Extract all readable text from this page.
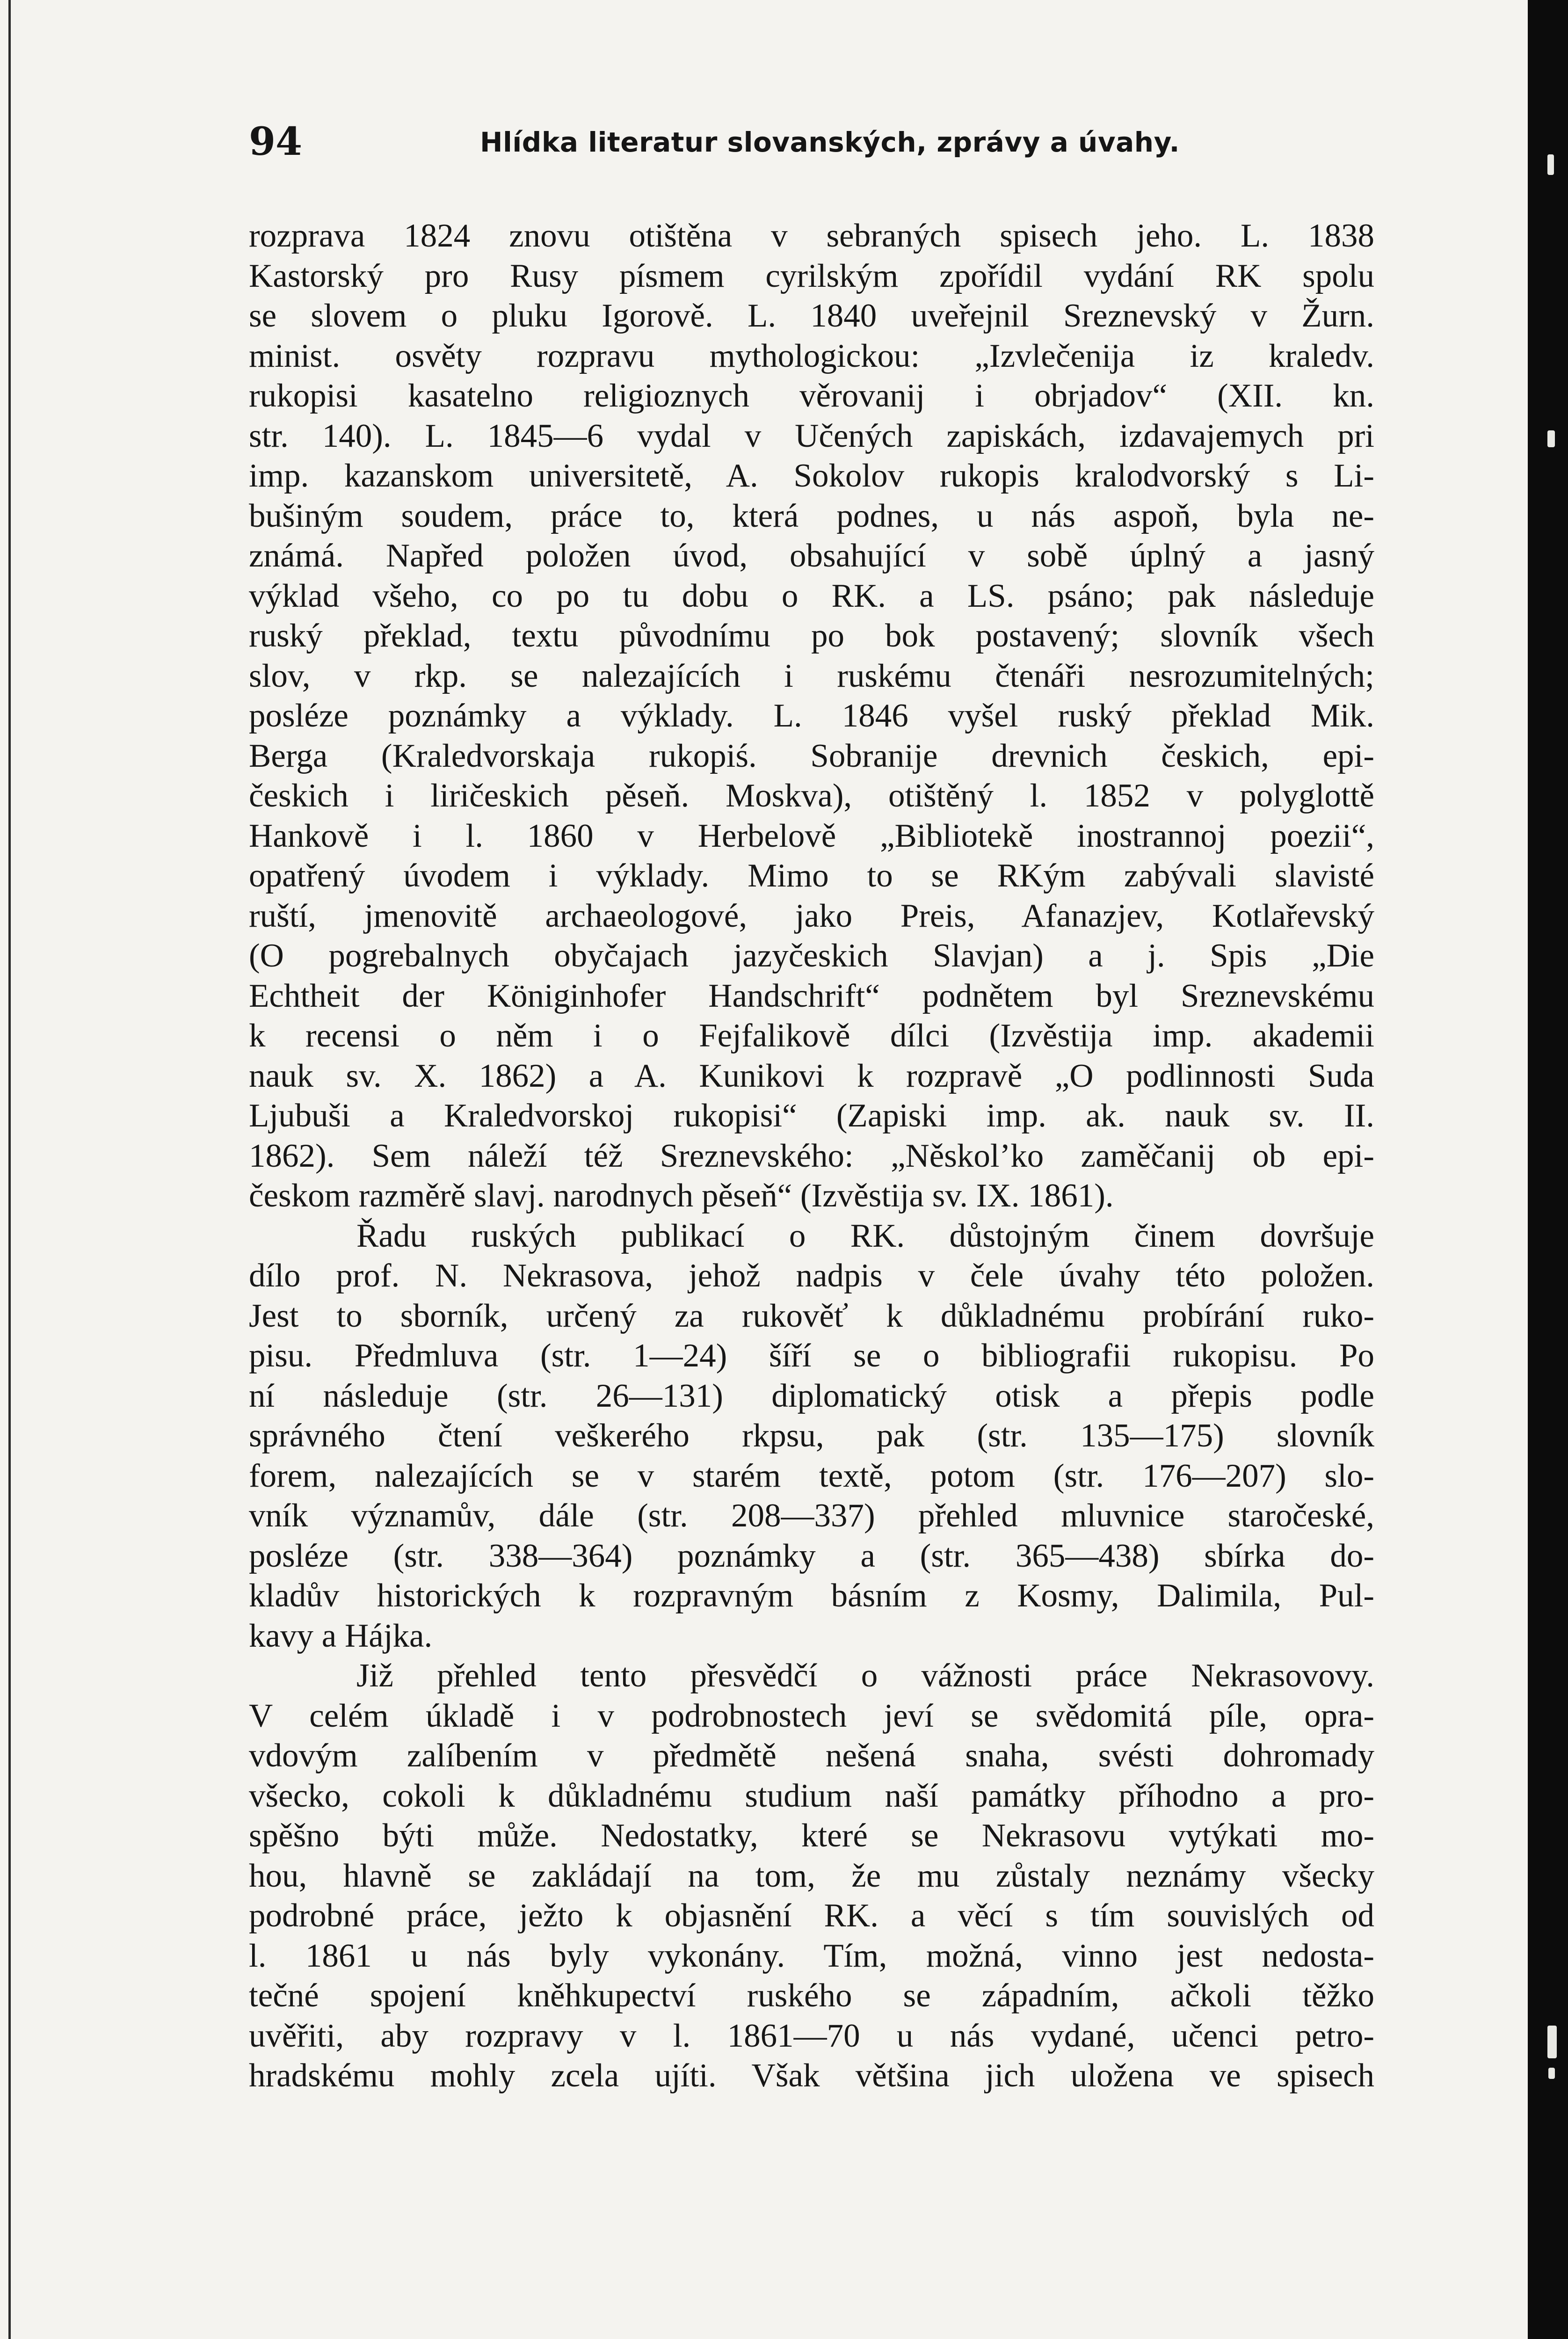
94	Hlídka literatur slovanských, zprávy a úvahy.
rozprava 1824 znovu otištěna v sebraných spisech jeho. L. 1838
Kastorský pro Rusy písmem cyrilským zpořídil vydání RK spolu
se slovem o pluku Igorově. L. 1840 uveřejnil Sreznevský v Žurn.
minist. osvěty rozpravu mythologickou: „Izvlečenija iz kraledv.
rukopisi kasatelno religioznych věrovanij i obrjadov“ (XII. kn.
str. 140). L. 1845—6 vydal v Učených zapiskách, izdavajemych pri
imp. kazanskom universitetě, A. Sokolov rukopis kralodvorský s Li-
bušiným soudem, práce to, která podnes, u nás aspoň, byla ne-
známá. Napřed položen úvod, obsahující v sobě úplný a jasný
výklad všeho, co po tu dobu o RK. a LS. psáno; pak následuje
ruský překlad, textu původnímu po bok postavený; slovník všech
slov, v rkp. se nalezajících i ruskému čtenáři nesrozumitelných;
posléze poznámky a výklady. L. 1846 vyšel ruský překlad Mik.
Berga (Kraledvorskaja rukopiś. Sobranije drevnich českich, epi-
českich i liričeskich pěseň. Moskva), otištěný l. 1852 v polyglottě
Hankově i l. 1860 v Herbelově „Bibliotekě inostrannoj poezii“,
opatřený úvodem i výklady. Mimo to se RKým zabývali slavisté
ruští, jmenovitě archaeologové, jako Preis, Afanazjev, Kotlařevský
(O pogrebalnych obyčajach jazyčeskich Slavjan) a j. Spis „Die
Echtheit der Königinhofer Handschrift“ podnětem byl Sreznevskému
k recensi o něm i o Fejfalikově dílci (Izvěstija imp. akademii
nauk sv. X. 1862) a A. Kunikovi k rozpravě „O podlinnosti Suda
Ljubuši a Kraledvorskoj rukopisi“ (Zapiski imp. ak. nauk sv. II.
1862). Sem náleží též Sreznevského: „Něskol’ko zaměčanij ob epi-
českom razměrě slavj. narodnych pěseň“ (Izvěstija sv. IX. 1861).
Řadu ruských publikací o RK. důstojným činem dovršuje
dílo prof. N. Nekrasova, jehož nadpis v čele úvahy této položen.
Jest to sborník, určený za rukověť k důkladnému probírání ruko-
pisu. Předmluva (str. 1—24) šíří se o bibliografii rukopisu. Po
ní následuje (str. 26—131) diplomatický otisk a přepis podle
správného čtení veškerého rkpsu, pak (str. 135—175) slovník
forem, nalezajících se v starém textě, potom (str. 176—207) slo-
vník významův, dále (str. 208—337) přehled mluvnice staročeské,
posléze (str. 338—364) poznámky a (str. 365—438) sbírka do-
kladův historických k rozpravným básním z Kosmy, Dalimila, Pul-
kavy a Hájka.
Již přehled tento přesvědčí o vážnosti práce Nekrasovovy.
V celém úkladě i v podrobnostech jeví se svědomitá píle, opra-
vdovým zalíbením v předmětě nešená snaha, svésti dohromady
všecko, cokoli k důkladnému studium naší památky příhodno a pro-
spěšno býti může. Nedostatky, které se Nekrasovu vytýkati mo-
hou, hlavně se zakládají na tom, že mu zůstaly neznámy všecky
podrobné práce, ježto k objasnění RK. a věcí s tím souvislých od
l. 1861 u nás byly vykonány. Tím, možná, vinno jest nedosta-
tečné spojení kněhkupectví ruského se západním, ačkoli těžko
uvěřiti, aby rozpravy v l. 1861—70 u nás vydané, učenci petro-
hradskému mohly zcela ujíti. Však většina jich uložena ve spisech
